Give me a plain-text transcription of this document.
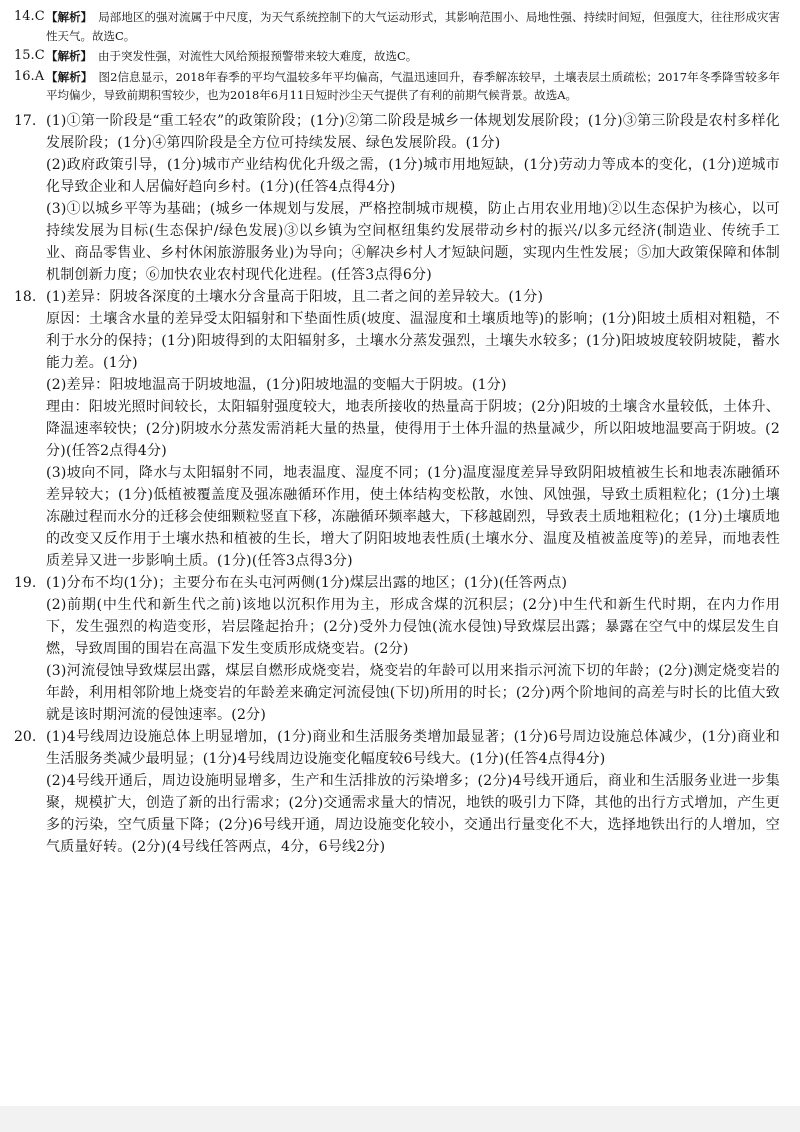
14.C 【解析】 局部地区的强对流属于中尺度，为天气系统控制下的大气运动形式，其影响范围小、局地性强、持续时间短，但强度大，往往形成灾害性天气。故选C。
15.C 【解析】 由于突发性强，对流性大风给预报预警带来较大难度，故选C。
16.A 【解析】 图2信息显示，2018年春季的平均气温较多年平均偏高，气温迅速回升，春季解冻较早，土壤表层土质疏松；2017年冬季降雪较多年平均偏少，导致前期积雪较少，也为2018年6月11日短时沙尘天气提供了有利的前期气候背景。故选A。
17. (1)①第一阶段是“重工轻农”的政策阶段；(1分)②第二阶段是城乡一体规划发展阶段；(1分)③第三阶段是农村多样化发展阶段；(1分)④第四阶段是全方位可持续发展、绿色发展阶段。(1分)

(2)政府政策引导，(1分)城市产业结构优化升级之需，(1分)城市用地短缺，(1分)劳动力等成本的变化，(1分)逆城市化导致企业和人居偏好趋向乡村。(1分)(任答4点得4分)

(3)①以城乡平等为基础；(城乡一体规划与发展，严格控制城市规模，防止占用农业用地)②以生态保护为核心，以可持续发展为目标(生态保护/绿色发展)③以乡镇为空间枢纽集约发展带动乡村的振兴/以多元经济(制造业、传统手工业、商品零售业、乡村休闲旅游服务业)为导向；④解决乡村人才短缺问题，实现内生性发展；⑤加大政策保障和体制机制创新力度；⑥加快农业农村现代化进程。(任答3点得6分)

18. (1)差异：阴坡各深度的土壤水分含量高于阳坡，且二者之间的差异较大。(1分)

原因：土壤含水量的差异受太阳辐射和下垫面性质(坡度、温湿度和土壤质地等)的影响；(1分)阳坡土质相对粗糙，不利于水分的保持；(1分)阳坡得到的太阳辐射多，土壤水分蒸发强烈，土壤失水较多；(1分)阳坡坡度较阴坡陡，蓄水能力差。(1分)

(2)差异：阳坡地温高于阴坡地温，(1分)阳坡地温的变幅大于阴坡。(1分)

理由：阳坡光照时间较长，太阳辐射强度较大，地表所接收的热量高于阴坡；(2分)阳坡的土壤含水量较低，土体升、降温速率较快；(2分)阴坡水分蒸发需消耗大量的热量，使得用于土体升温的热量减少，所以阳坡地温要高于阴坡。(2分)(任答2点得4分)

(3)坡向不同，降水与太阳辐射不同，地表温度、湿度不同；(1分)温度湿度差异导致阴阳坡植被生长和地表冻融循环差异较大；(1分)低植被覆盖度及强冻融循环作用，使土体结构变松散，水蚀、风蚀强，导致土质粗粒化；(1分)土壤冻融过程而水分的迁移会使细颗粒竖直下移，冻融循环频率越大，下移越剧烈，导致表土质地粗粒化；(1分)土壤质地的改变又反作用于土壤水热和植被的生长，增大了阴阳坡地表性质(土壤水分、温度及植被盖度等)的差异，而地表性质差异又进一步影响土质。(1分)(任答3点得3分)

19. (1)分布不均(1分)；主要分布在头屯河两侧(1分)煤层出露的地区；(1分)(任答两点)

(2)前期(中生代和新生代之前)该地以沉积作用为主，形成含煤的沉积层；(2分)中生代和新生代时期，在内力作用下，发生强烈的构造变形，岩层隆起抬升；(2分)受外力侵蚀(流水侵蚀)导致煤层出露；暴露在空气中的煤层发生自燃，导致周围的围岩在高温下发生变质形成烧变岩。(2分)

(3)河流侵蚀导致煤层出露，煤层自燃形成烧变岩，烧变岩的年龄可以用来指示河流下切的年龄；(2分)测定烧变岩的年龄，利用相邻阶地上烧变岩的年龄差来确定河流侵蚀(下切)所用的时长；(2分)两个阶地间的高差与时长的比值大致就是该时期河流的侵蚀速率。(2分)

20. (1)4号线周边设施总体上明显增加，(1分)商业和生活服务类增加最显著；(1分)6号周边设施总体减少，(1分)商业和生活服务类减少最明显；(1分)4号线周边设施变化幅度较6号线大。(1分)(任答4点得4分)

(2)4号线开通后，周边设施明显增多，生产和生活排放的污染增多；(2分)4号线开通后，商业和生活服务业进一步集聚，规模扩大，创造了新的出行需求；(2分)交通需求量大的情况，地铁的吸引力下降，其他的出行方式增加，产生更多的污染，空气质量下降；(2分)6号线开通，周边设施变化较小，交通出行量变化不大，选择地铁出行的人增加，空气质量好转。(2分)(4号线任答两点，4分，6号线2分)
